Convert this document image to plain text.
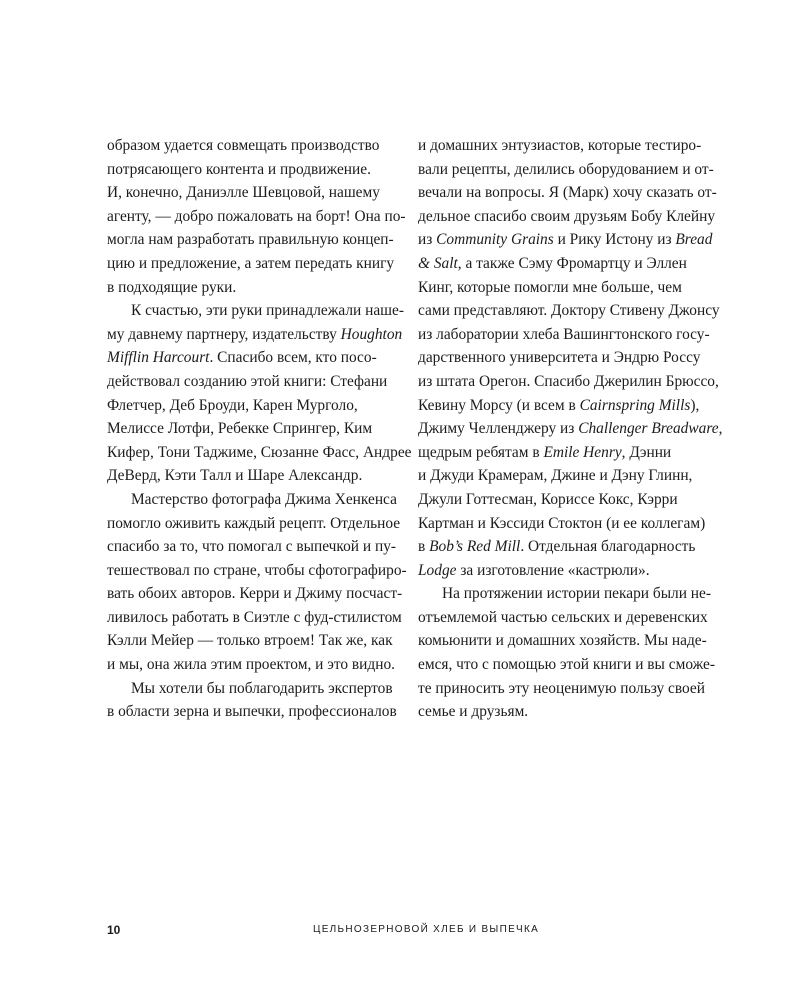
образом удается совмещать производство
потрясающего контента и продвижение.
И, конечно, Даниэлле Шевцовой, нашему
агенту, — добро пожаловать на борт! Она по-
могла нам разработать правильную концеп-
цию и предложение, а затем передать книгу
в подходящие руки.
К счастью, эти руки принадлежали наше-
му давнему партнеру, издательству Houghton
Mifflin Harcourt. Спасибо всем, кто посо-
действовал созданию этой книги: Стефани
Флетчер, Деб Броуди, Карен Мурголо,
Мелиссе Лотфи, Ребекке Спрингер, Ким
Кифер, Тони Таджиме, Сюзанне Фасс, Андрее
ДеВерд, Кэти Талл и Шаре Александр.
Мастерство фотографа Джима Хенкенса
помогло оживить каждый рецепт. Отдельное
спасибо за то, что помогал с выпечкой и пу-
тешествовал по стране, чтобы сфотографиро-
вать обоих авторов. Керри и Джиму посчаст-
ливилось работать в Сиэтле с фуд-стилистом
Кэлли Мейер — только втроем! Так же, как
и мы, она жила этим проектом, и это видно.
Мы хотели бы поблагодарить экспертов
в области зерна и выпечки, профессионалов
и домашних энтузиастов, которые тестиро-
вали рецепты, делились оборудованием и от-
вечали на вопросы. Я (Марк) хочу сказать от-
дельное спасибо своим друзьям Бобу Клейну
из Community Grains и Рику Истону из Bread
& Salt, а также Сэму Фромартцу и Эллен
Кинг, которые помогли мне больше, чем
сами представляют. Доктору Стивену Джонсу
из лаборатории хлеба Вашингтонского госу-
дарственного университета и Эндрю Россу
из штата Орегон. Спасибо Джерилин Брюссо,
Кевину Морсу (и всем в Cairnspring Mills),
Джиму Челленджеру из Challenger Breadware,
щедрым ребятам в Emile Henry, Дэнни
и Джуди Крамерам, Джине и Дэну Глинн,
Джули Готтесман, Кориссе Кокс, Кэрри
Картман и Кэссиди Стоктон (и ее коллегам)
в Bob’s Red Mill. Отдельная благодарность
Lodge за изготовление «кастрюли».
На протяжении истории пекари были не-
отъемлемой частью сельских и деревенских
комьюнити и домашних хозяйств. Мы наде-
емся, что с помощью этой книги и вы сможе-
те приносить эту неоценимую пользу своей
семье и друзьям.
10	ЦЕЛЬНОЗЕРНОВОЙ ХЛЕБ И ВЫПЕЧКА
